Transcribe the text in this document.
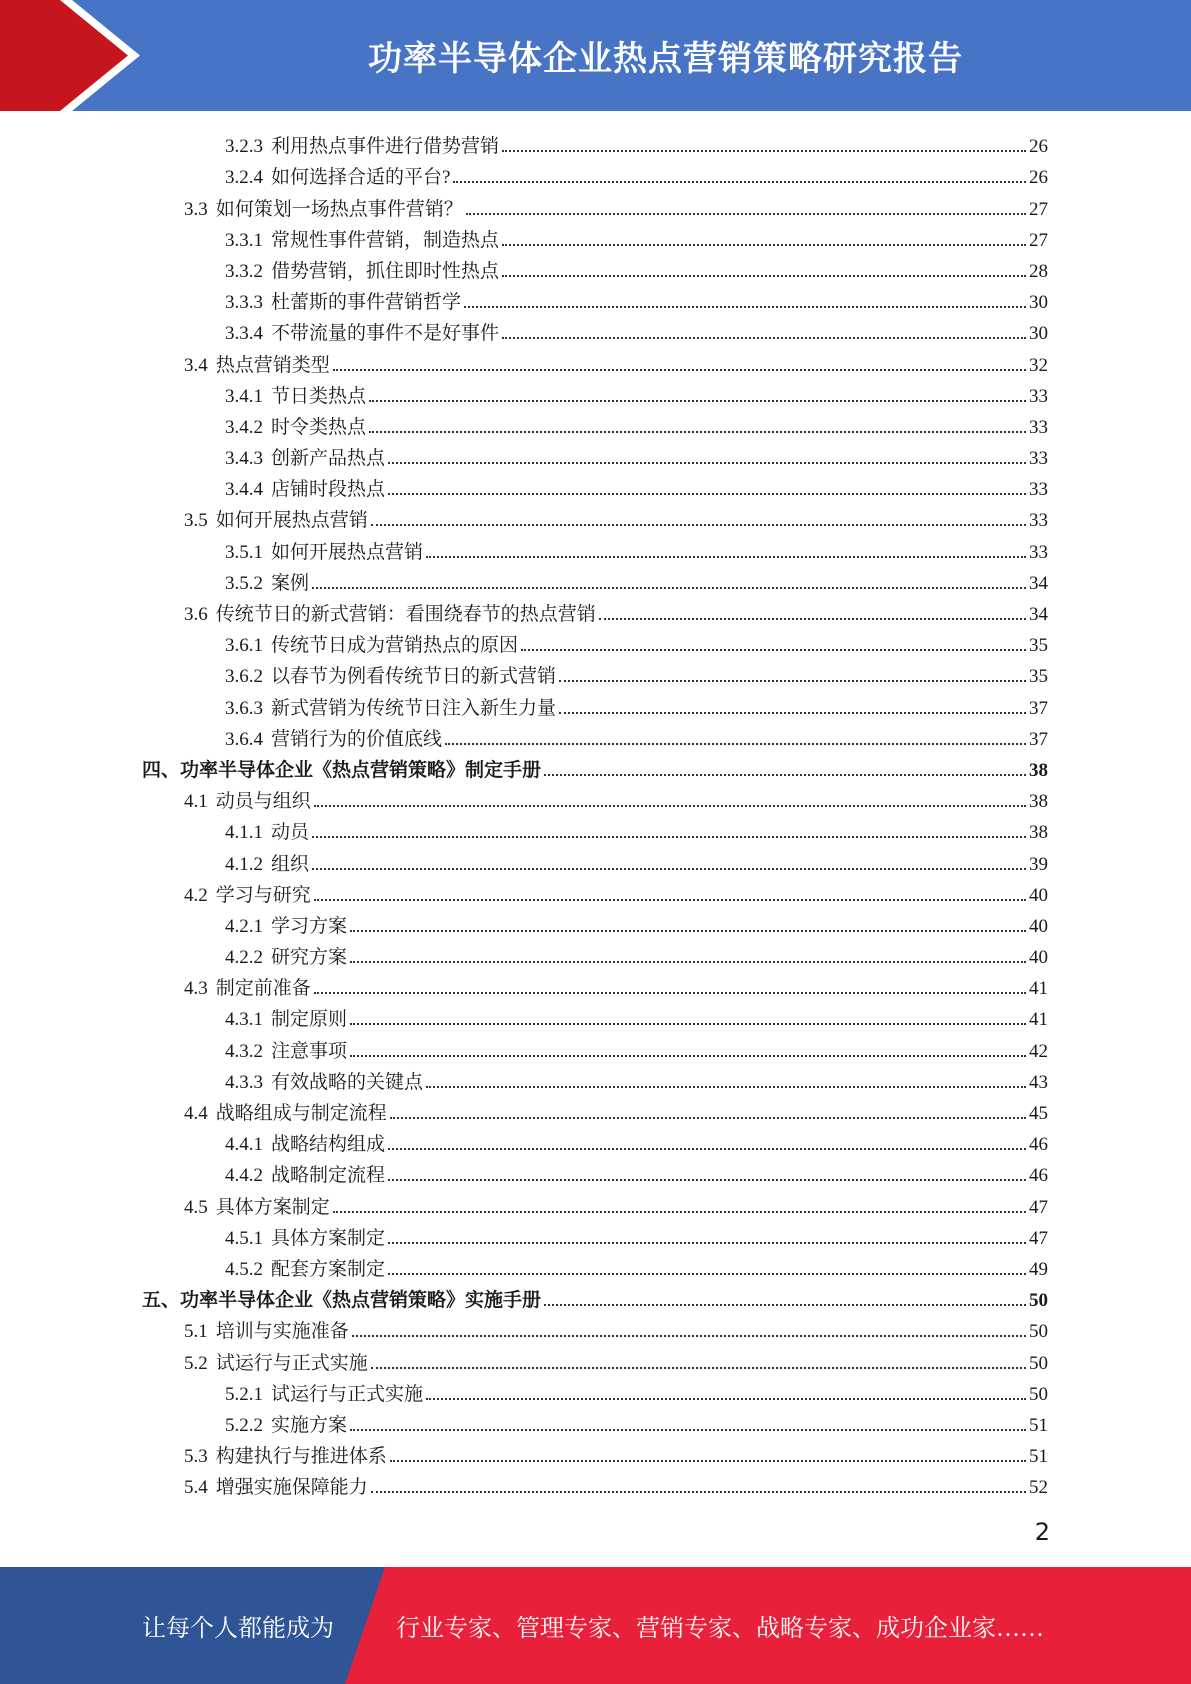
功率半导体企业热点营销策略研究报告
3.2.3 利用热点事件进行借势营销	26
3.2.4 如何选择合适的平台?	26
3.3 如何策划一场热点事件营销？	27
3.3.1 常规性事件营销，制造热点	27
3.3.2 借势营销，抓住即时性热点	28
3.3.3 杜蕾斯的事件营销哲学	30
3.3.4 不带流量的事件不是好事件	30
3.4 热点营销类型	32
3.4.1 节日类热点	33
3.4.2 时令类热点	33
3.4.3 创新产品热点	33
3.4.4 店铺时段热点	33
3.5 如何开展热点营销	33
3.5.1 如何开展热点营销	33
3.5.2 案例	34
3.6 传统节日的新式营销：看围绕春节的热点营销	34
3.6.1 传统节日成为营销热点的原因	35
3.6.2 以春节为例看传统节日的新式营销	35
3.6.3 新式营销为传统节日注入新生力量	37
3.6.4 营销行为的价值底线	37
四、功率半导体企业《热点营销策略》制定手册	38
4.1 动员与组织	38
4.1.1 动员	38
4.1.2 组织	39
4.2 学习与研究	40
4.2.1 学习方案	40
4.2.2 研究方案	40
4.3 制定前准备	41
4.3.1 制定原则	41
4.3.2 注意事项	42
4.3.3 有效战略的关键点	43
4.4 战略组成与制定流程	45
4.4.1 战略结构组成	46
4.4.2 战略制定流程	46
4.5 具体方案制定	47
4.5.1 具体方案制定	47
4.5.2 配套方案制定	49
五、功率半导体企业《热点营销策略》实施手册	50
5.1 培训与实施准备	50
5.2 试运行与正式实施	50
5.2.1 试运行与正式实施	50
5.2.2 实施方案	51
5.3 构建执行与推进体系	51
5.4 增强实施保障能力	52
2
让每个人都能成为	行业专家、管理专家、营销专家、战略专家、成功企业家……
